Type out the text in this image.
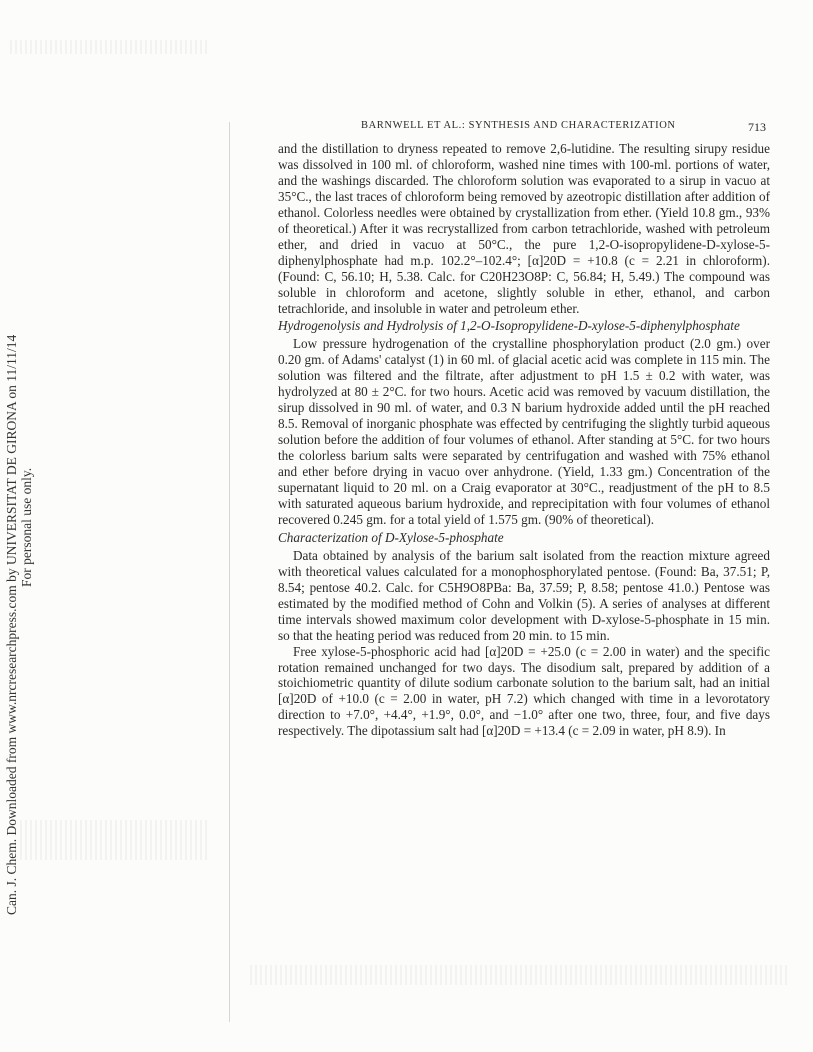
Can. J. Chem. Downloaded from www.nrcresearchpress.com by UNIVERSITAT DE GIRONA on 11/11/14 For personal use only.
BARNWELL ET AL.: SYNTHESIS AND CHARACTERIZATION	713

and the distillation to dryness repeated to remove 2,6-lutidine. The resulting sirupy residue was dissolved in 100 ml. of chloroform, washed nine times with 100-ml. portions of water, and the washings discarded. The chloroform solution was evaporated to a sirup in vacuo at 35°C., the last traces of chloroform being removed by azeotropic distillation after addition of ethanol. Colorless needles were obtained by crystallization from ether. (Yield 10.8 gm., 93% of theoretical.) After it was recrystallized from carbon tetrachloride, washed with petroleum ether, and dried in vacuo at 50°C., the pure 1,2-O-isopropylidene-D-xylose-5-diphenylphosphate had m.p. 102.2°–102.4°; [α]20D = +10.8 (c = 2.21 in chloroform). (Found: C, 56.10; H, 5.38. Calc. for C20H23O8P: C, 56.84; H, 5.49.) The compound was soluble in chloroform and acetone, slightly soluble in ether, ethanol, and carbon tetrachloride, and insoluble in water and petroleum ether.

Hydrogenolysis and Hydrolysis of 1,2-O-Isopropylidene-D-xylose-5-diphenylphosphate

Low pressure hydrogenation of the crystalline phosphorylation product (2.0 gm.) over 0.20 gm. of Adams' catalyst (1) in 60 ml. of glacial acetic acid was complete in 115 min. The solution was filtered and the filtrate, after adjustment to pH 1.5 ± 0.2 with water, was hydrolyzed at 80 ± 2°C. for two hours. Acetic acid was removed by vacuum distillation, the sirup dissolved in 90 ml. of water, and 0.3 N barium hydroxide added until the pH reached 8.5. Removal of inorganic phosphate was effected by centrifuging the slightly turbid aqueous solution before the addition of four volumes of ethanol. After standing at 5°C. for two hours the colorless barium salts were separated by centrifugation and washed with 75% ethanol and ether before drying in vacuo over anhydrone. (Yield, 1.33 gm.) Concentration of the supernatant liquid to 20 ml. on a Craig evaporator at 30°C., readjustment of the pH to 8.5 with saturated aqueous barium hydroxide, and reprecipitation with four volumes of ethanol recovered 0.245 gm. for a total yield of 1.575 gm. (90% of theoretical).

Characterization of D-Xylose-5-phosphate

Data obtained by analysis of the barium salt isolated from the reaction mixture agreed with theoretical values calculated for a monophosphorylated pentose. (Found: Ba, 37.51; P, 8.54; pentose 40.2. Calc. for C5H9O8PBa: Ba, 37.59; P, 8.58; pentose 41.0.) Pentose was estimated by the modified method of Cohn and Volkin (5). A series of analyses at different time intervals showed maximum color development with D-xylose-5-phosphate in 15 min. so that the heating period was reduced from 20 min. to 15 min.

Free xylose-5-phosphoric acid had [α]20D = +25.0 (c = 2.00 in water) and the specific rotation remained unchanged for two days. The disodium salt, prepared by addition of a stoichiometric quantity of dilute sodium carbonate solution to the barium salt, had an initial [α]20D of +10.0 (c = 2.00 in water, pH 7.2) which changed with time in a levorotatory direction to +7.0°, +4.4°, +1.9°, 0.0°, and −1.0° after one two, three, four, and five days respectively. The dipotassium salt had [α]20D = +13.4 (c = 2.09 in water, pH 8.9). In
